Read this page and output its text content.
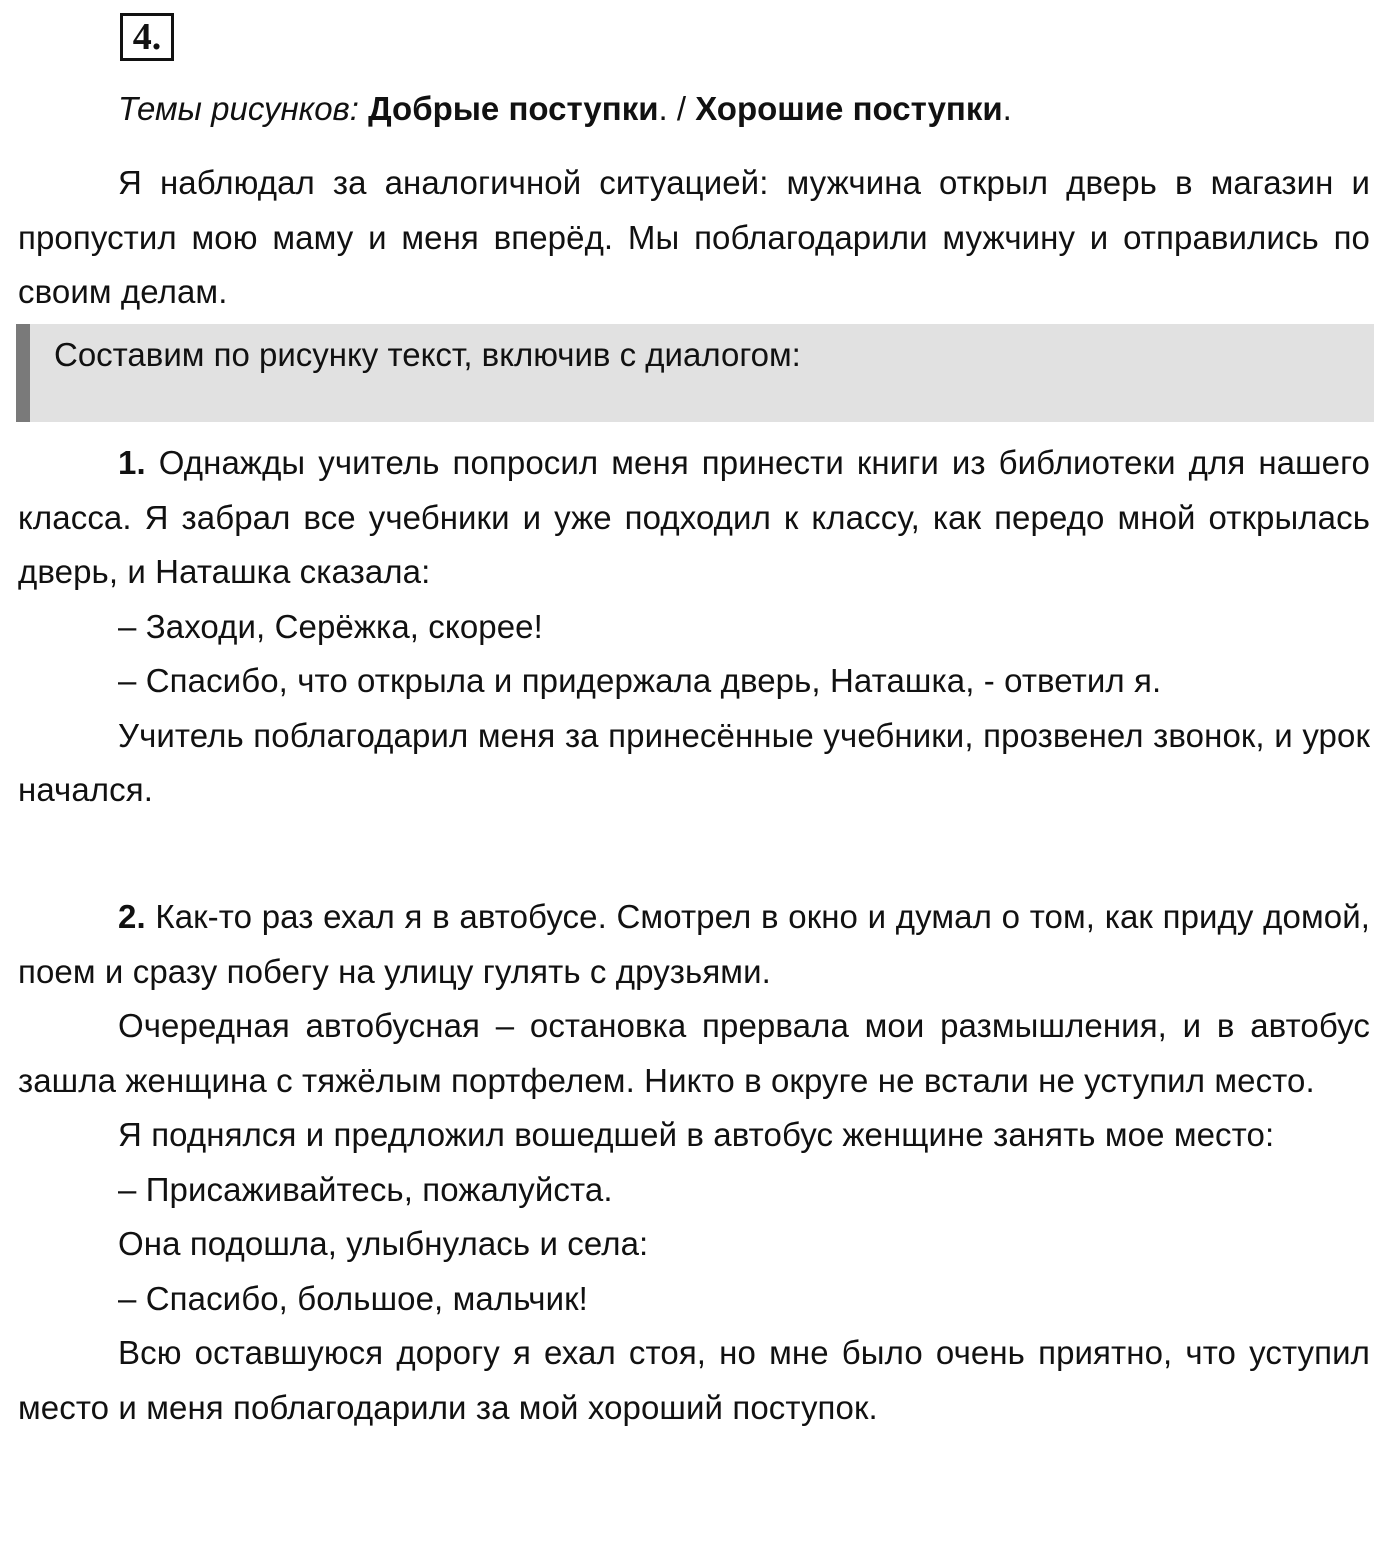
4.
Темы рисунков: Добрые поступки. / Хорошие поступки.

Я наблюдал за аналогичной ситуацией: мужчина открыл дверь в магазин и пропустил мою маму и меня вперёд. Мы поблагодарили мужчину и отправились по своим делам.

Составим по рисунку текст, включив с диалогом:

1. Однажды учитель попросил меня принести книги из библиотеки для нашего класса. Я забрал все учебники и уже подходил к классу, как передо мной открылась дверь, и Наташка сказала:

– Заходи, Серёжка, скорее!

– Спасибо, что открыла и придержала дверь, Наташка, - ответил я.

Учитель поблагодарил меня за принесённые учебники, прозвенел звонок, и урок начался.

2. Как-то раз ехал я в автобусе. Смотрел в окно и думал о том, как приду домой, поем и сразу побегу на улицу гулять с друзьями.

Очередная автобусная – остановка прервала мои размышления, и в автобус зашла женщина с тяжёлым портфелем. Никто в округе не встали не уступил место.

Я поднялся и предложил вошедшей в автобус женщине занять мое место:

– Присаживайтесь, пожалуйста.

Она подошла, улыбнулась и села:

– Спасибо, большое, мальчик!

Всю оставшуюся дорогу я ехал стоя, но мне было очень приятно, что уступил место и меня поблагодарили за мой хороший поступок.
